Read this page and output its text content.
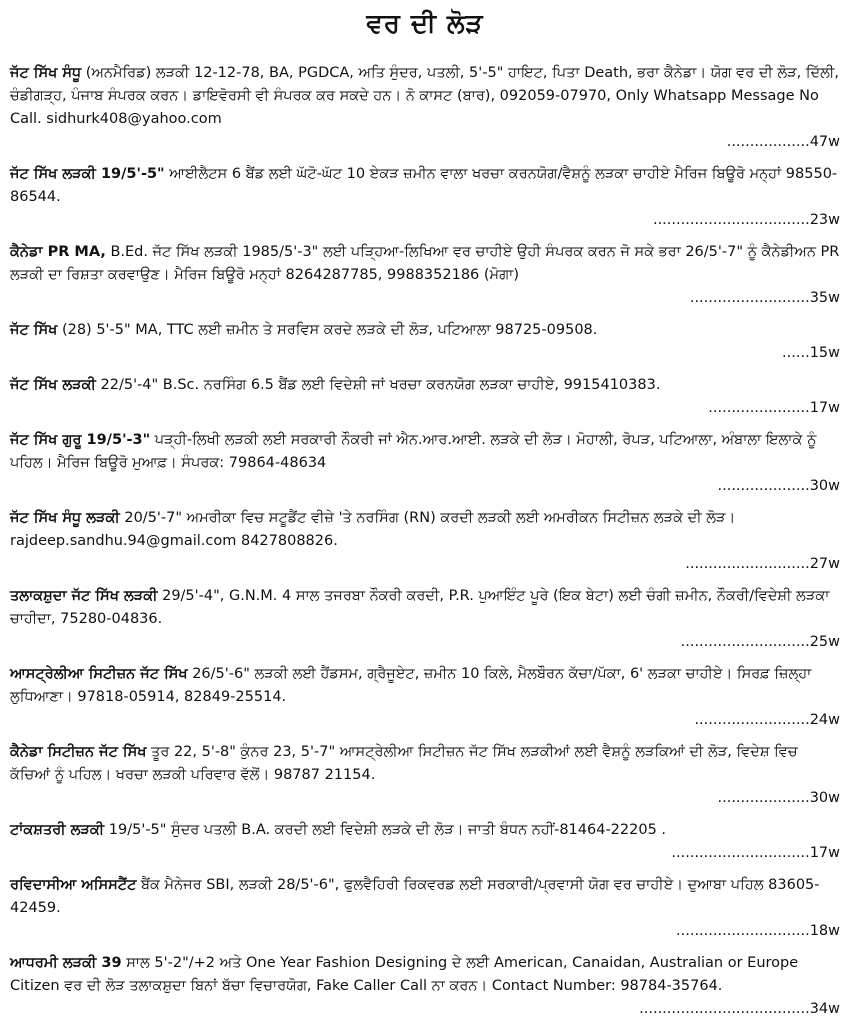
ਵਰ ਦੀ ਲੋੜ
ਜੱਟ ਸਿੱਖ ਸੰਧੂ (ਅਨਮੈਰਿਡ) ਲੜਕੀ 12-12-78, BA, PGDCA, ਅਤਿ ਸੁੰਦਰ, ਪਤਲੀ, 5'-5" ਹਾਇਟ, ਪਿਤਾ Death, ਭਰਾ ਕੈਨੇਡਾ। ਯੋਗ ਵਰ ਦੀ ਲੋੜ, ਦਿੱਲੀ, ਚੰਡੀਗੜ੍ਹ, ਪੰਜਾਬ ਸੰਪਰਕ ਕਰਨ। ਡਾਇਵੋਰਸੀ ਵੀ ਸੰਪਰਕ ਕਰ ਸਕਦੇ ਹਨ। ਨੋ ਕਾਸਟ (ਬਾਰ), 092059-07970, Only Whatsapp Message No Call. sidhurk408@yahoo.com
.................. 47w
ਜੱਟ ਸਿੱਖ ਲੜਕੀ 19/5'-5" ਆਈਲੈਟਸ 6 ਬੈਂਡ ਲਈ ਘੱਟੋ-ਘੱਟ 10 ਏਕੜ ਜ਼ਮੀਨ ਵਾਲਾ ਖਰਚਾ ਕਰਨਯੋਗ/ਵੈਸ਼ਨੂੰ ਲੜਕਾ ਚਾਹੀਏ ਮੈਰਿਜ ਬਿਊਰੋ ਮਨ੍ਹਾਂ 98550-86544.
.................................. 23w
ਕੈਨੇਡਾ PR MA, B.Ed. ਜੱਟ ਸਿੱਖ ਲੜਕੀ 1985/5'-3" ਲਈ ਪੜ੍ਹਿਆ-ਲਿਖਿਆ ਵਰ ਚਾਹੀਏ ਉਹੀ ਸੰਪਰਕ ਕਰਨ ਜੋ ਸਕੇ ਭਰਾ 26/5'-7" ਨੂੰ ਕੈਨੇਡੀਅਨ PR ਲੜਕੀ ਦਾ ਰਿਸ਼ਤਾ ਕਰਵਾਉਣ। ਮੈਰਿਜ ਬਿਊਰੋ ਮਨ੍ਹਾਂ 8264287785, 9988352186 (ਮੋਗਾ)
.......................... 35w
ਜੱਟ ਸਿੱਖ (28) 5'-5" MA, TTC ਲਈ ਜ਼ਮੀਨ ਤੇ ਸਰਵਿਸ ਕਰਦੇ ਲੜਕੇ ਦੀ ਲੋੜ, ਪਟਿਆਲਾ 98725-09508.
...... 15w
ਜੱਟ ਸਿੱਖ ਲੜਕੀ 22/5'-4" B.Sc. ਨਰਸਿੰਗ 6.5 ਬੈਂਡ ਲਈ ਵਿਦੇਸ਼ੀ ਜਾਂ ਖਰਚਾ ਕਰਨਯੋਗ ਲੜਕਾ ਚਾਹੀਏ, 9915410383.
...................... 17w
ਜੱਟ ਸਿੱਖ ਗੁਰੂ 19/5'-3" ਪੜ੍ਹੀ-ਲਿਖੀ ਲੜਕੀ ਲਈ ਸਰਕਾਰੀ ਨੌਕਰੀ ਜਾਂ ਐਨ.ਆਰ.ਆਈ. ਲੜਕੇ ਦੀ ਲੋੜ। ਮੋਹਾਲੀ, ਰੋਪੜ, ਪਟਿਆਲਾ, ਅੰਬਾਲਾ ਇਲਾਕੇ ਨੂੰ ਪਹਿਲ। ਮੈਰਿਜ ਬਿਊਰੋ ਮੁਆਫ਼। ਸੰਪਰਕ: 79864-48634
.................... 30w
ਜੱਟ ਸਿੱਖ ਸੰਧੂ ਲੜਕੀ 20/5'-7" ਅਮਰੀਕਾ ਵਿਚ ਸਟੂਡੈਂਟ ਵੀਜ਼ੇ 'ਤੇ ਨਰਸਿੰਗ (RN) ਕਰਦੀ ਲੜਕੀ ਲਈ ਅਮਰੀਕਨ ਸਿਟੀਜ਼ਨ ਲੜਕੇ ਦੀ ਲੋੜ। rajdeep.sandhu.94@gmail.com 8427808826.
........................... 27w
ਤਲਾਕਸ਼ੁਦਾ ਜੱਟ ਸਿੱਖ ਲੜਕੀ 29/5'-4", G.N.M. 4 ਸਾਲ ਤਜਰਬਾ ਨੌਕਰੀ ਕਰਦੀ, P.R. ਪੁਆਇੰਟ ਪੂਰੇ (ਇਕ ਬੇਟਾ) ਲਈ ਚੰਗੀ ਜ਼ਮੀਨ, ਨੌਕਰੀ/ਵਿਦੇਸ਼ੀ ਲੜਕਾ ਚਾਹੀਦਾ, 75280-04836.
............................ 25w
ਆਸਟ੍ਰੇਲੀਆ ਸਿਟੀਜ਼ਨ ਜੱਟ ਸਿੱਖ 26/5'-6" ਲੜਕੀ ਲਈ ਹੈਂਡਸਮ, ਗ੍ਰੈਜੂਏਟ, ਜ਼ਮੀਨ 10 ਕਿਲੇ, ਮੈਲਬੌਰਨ ਕੱਚਾ/ਪੱਕਾ, 6' ਲੜਕਾ ਚਾਹੀਏ। ਸਿਰਫ਼ ਜ਼ਿਲ੍ਹਾ ਲੁਧਿਆਣਾ। 97818-05914, 82849-25514.
......................... 24w
ਕੈਨੇਡਾ ਸਿਟੀਜ਼ਨ ਜੱਟ ਸਿੱਖ ਤੂਰ 22, 5'-8" ਕੁੰਨਰ 23, 5'-7" ਆਸਟ੍ਰੇਲੀਆ ਸਿਟੀਜ਼ਨ ਜੱਟ ਸਿੱਖ ਲੜਕੀਆਂ ਲਈ ਵੈਸ਼ਨੂੰ ਲੜਕਿਆਂ ਦੀ ਲੋੜ, ਵਿਦੇਸ਼ ਵਿਚ ਕੱਚਿਆਂ ਨੂੰ ਪਹਿਲ। ਖਰਚਾ ਲੜਕੀ ਪਰਿਵਾਰ ਵੱਲੋਂ। 98787 21154.
.................... 30w
ਟਾਂਕਸ਼ਤਰੀ ਲੜਕੀ 19/5'-5" ਸੁੰਦਰ ਪਤਲੀ B.A. ਕਰਦੀ ਲਈ ਵਿਦੇਸ਼ੀ ਲੜਕੇ ਦੀ ਲੋੜ। ਜਾਤੀ ਬੰਧਨ ਨਹੀਂ-81464-22205 .
.............................. 17w
ਰਵਿਦਾਸੀਆ ਅਸਿਸਟੈਂਟ ਬੈਂਕ ਮੈਨੇਜਰ SBI, ਲੜਕੀ 28/5'-6", ਫੁਲਵੈਹਿਰੀ ਰਿਕਵਰਡ ਲਈ ਸਰਕਾਰੀ/ਪ੍ਰਵਾਸੀ ਯੋਗ ਵਰ ਚਾਹੀਏ। ਦੁਆਬਾ ਪਹਿਲ 83605-42459.
............................. 18w
ਆਧਰਮੀ ਲੜਕੀ 39 ਸਾਲ 5'-2"/+2 ਅਤੇ One Year Fashion Designing ਦੇ ਲਈ American, Canaidan, Australian or Europe Citizen ਵਰ ਦੀ ਲੋੜ ਤਲਾਕਸ਼ੁਦਾ ਬਿਨਾਂ ਬੱਚਾ ਵਿਚਾਰਯੋਗ, Fake Caller Call ਨਾ ਕਰਨ। Contact Number: 98784-35764.
..................................... 34w
